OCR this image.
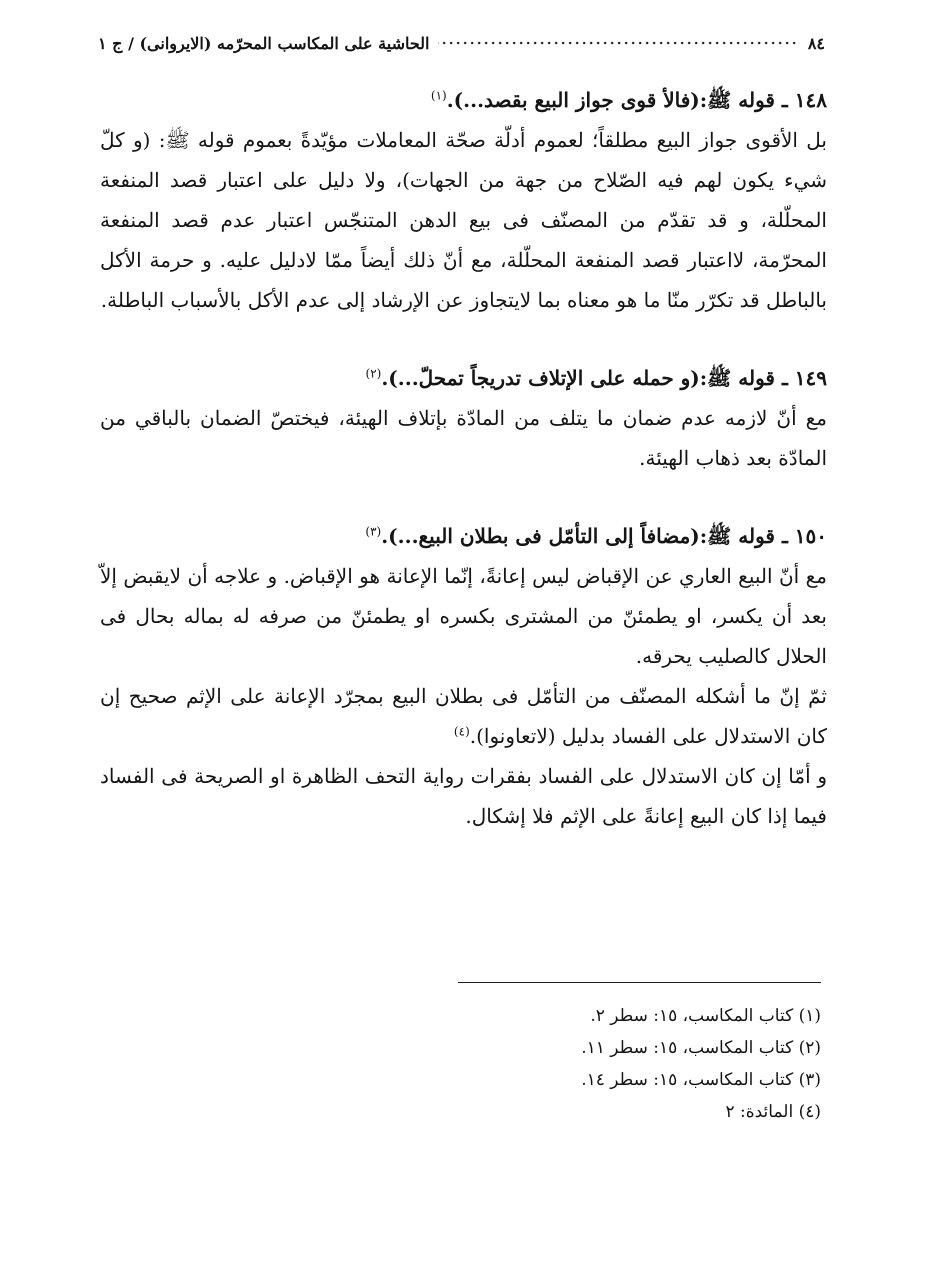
٨٤
الحاشية على المكاسب المحرّمه (الايروانى) / ج ١
١٤٨ ـ قوله ﷺ:(فالأ قوى جواز البيع بقصد...).$^{(١)}$

بل الأقوى جواز البيع مطلقاً؛ لعموم أدلّة صحّة المعاملات مؤيّدةً بعموم قوله ﷺ: (و كلّ شيء يكون لهم فيه الصّلاح من جهة من الجهات)، ولا دليل على اعتبار قصد المنفعة المحلّلة، و قد تقدّم من المصنّف فى بيع الدهن المتنجّس اعتبار عدم قصد المنفعة المحرّمة، لااعتبار قصد المنفعة المحلّلة، مع أنّ ذلك أيضاً ممّا لادليل عليه. و حرمة الأكل بالباطل قد تكرّر منّا ما هو معناه بما لايتجاوز عن الإرشاد إلى عدم الأكل بالأسباب الباطلة.

١٤٩ ـ قوله ﷺ:(و حمله على الإتلاف تدريجاً تمحلّ...).$^{(٢)}$

مع أنّ لازمه عدم ضمان ما يتلف من المادّة بإتلاف الهيئة، فيختصّ الضمان بالباقي من المادّة بعد ذهاب الهيئة.

١٥٠ ـ قوله ﷺ:(مضافاً إلى التأمّل فى بطلان البيع...).$^{(٣)}$

مع أنّ البيع العاري عن الإقباض ليس إعانةً، إنّما الإعانة هو الإقباض. و علاجه أن لايقبض إلاّ بعد أن يكسر، او يطمئنّ من المشترى بكسره او يطمئنّ من صرفه له بماله بحال فى الحلال كالصليب يحرقه.

ثمّ إنّ ما أشكله المصنّف من التأمّل فى بطلان البيع بمجرّد الإعانة على الإثم صحيح إن كان الاستدلال على الفساد بدليل (لاتعاونوا).$^{(٤)}$

و أمّا إن كان الاستدلال على الفساد بفقرات رواية التحف الظاهرة او الصريحة فى الفساد فيما إذا كان البيع إعانةً على الإثم فلا إشكال.

(١) كتاب المكاسب، ١٥: سطر ٢.
(٢) كتاب المكاسب، ١٥: سطر ١١.
(٣) كتاب المكاسب، ١٥: سطر ١٤.
(٤) المائدة: ٢
